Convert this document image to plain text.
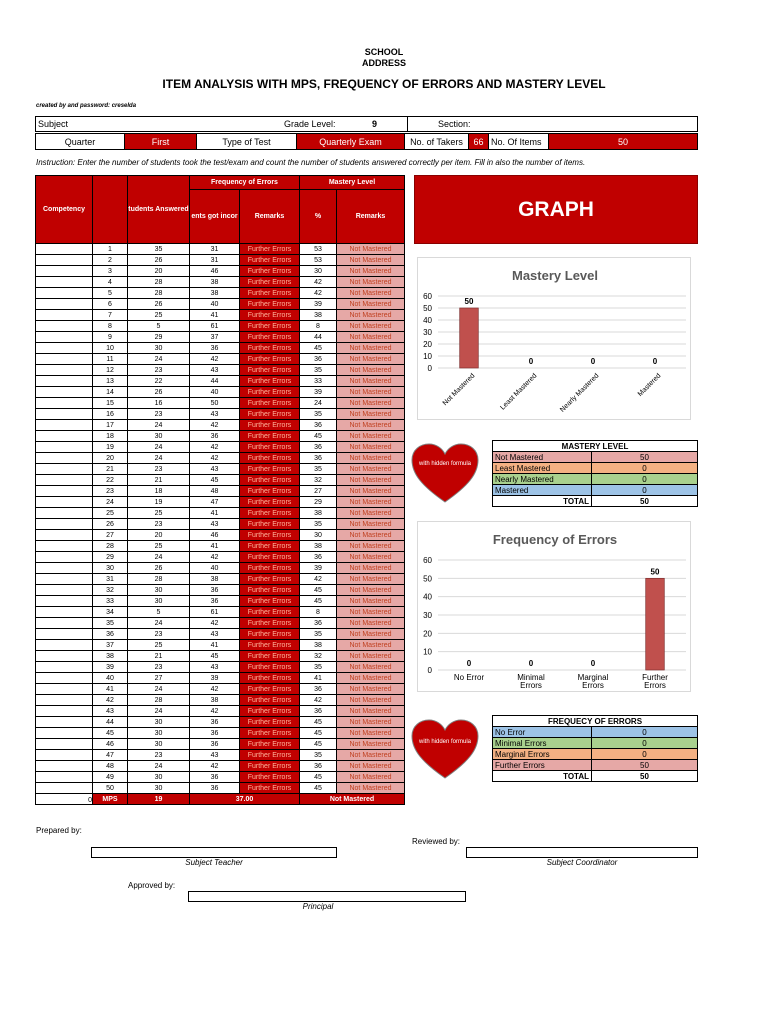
SCHOOL
ADDRESS
ITEM ANALYSIS WITH MPS, FREQUENCY OF ERRORS AND MASTERY LEVEL
created by and password: creselda
Subject	Grade Level:	9	Section:
Quarter	First	Type of Test	Quarterly Exam	No. of Takers	66 No. Of Items	50
Instruction: Enter the number of students took the test/exam and count the number of students answered correctly per item. Fill in also the number of items.
Competency		tudents Answered	Frequency of Errors		Mastery Level	
			ents got incor	Remarks	%	Remarks

	1	35	31	Further Errors	53	Not Mastered
	2	26	31	Further Errors	53	Not Mastered
	3	20	46	Further Errors	30	Not Mastered
	4	28	38	Further Errors	42	Not Mastered
	5	28	38	Further Errors	42	Not Mastered
	6	26	40	Further Errors	39	Not Mastered
	7	25	41	Further Errors	38	Not Mastered
	8	5	61	Further Errors	8	Not Mastered
	9	29	37	Further Errors	44	Not Mastered
	10	30	36	Further Errors	45	Not Mastered
	11	24	42	Further Errors	36	Not Mastered
	12	23	43	Further Errors	35	Not Mastered
	13	22	44	Further Errors	33	Not Mastered
	14	26	40	Further Errors	39	Not Mastered
	15	16	50	Further Errors	24	Not Mastered
	16	23	43	Further Errors	35	Not Mastered
	17	24	42	Further Errors	36	Not Mastered
	18	30	36	Further Errors	45	Not Mastered
	19	24	42	Further Errors	36	Not Mastered
	20	24	42	Further Errors	36	Not Mastered
	21	23	43	Further Errors	35	Not Mastered
	22	21	45	Further Errors	32	Not Mastered
	23	18	48	Further Errors	27	Not Mastered
	24	19	47	Further Errors	29	Not Mastered
	25	25	41	Further Errors	38	Not Mastered
	26	23	43	Further Errors	35	Not Mastered
	27	20	46	Further Errors	30	Not Mastered
	28	25	41	Further Errors	38	Not Mastered
	29	24	42	Further Errors	36	Not Mastered
	30	26	40	Further Errors	39	Not Mastered
	31	28	38	Further Errors	42	Not Mastered
	32	30	36	Further Errors	45	Not Mastered
	33	30	36	Further Errors	45	Not Mastered
	34	5	61	Further Errors	8	Not Mastered
	35	24	42	Further Errors	36	Not Mastered
	36	23	43	Further Errors	35	Not Mastered
	37	25	41	Further Errors	38	Not Mastered
	38	21	45	Further Errors	32	Not Mastered
	39	23	43	Further Errors	35	Not Mastered
	40	27	39	Further Errors	41	Not Mastered
	41	24	42	Further Errors	36	Not Mastered
	42	28	38	Further Errors	42	Not Mastered
	43	24	42	Further Errors	36	Not Mastered
	44	30	36	Further Errors	45	Not Mastered
	45	30	36	Further Errors	45	Not Mastered
	46	30	36	Further Errors	45	Not Mastered
	47	23	43	Further Errors	35	Not Mastered
	48	24	42	Further Errors	36	Not Mastered
	49	30	36	Further Errors	45	Not Mastered
	50	30	36	Further Errors	45	Not Mastered
0	MPS	19	37.00		Not Mastered	
GRAPH
Mastery Level
0
10
20
30
40
50
60
50
Not Mastered
0
Least Mastered
0
Nearly Mastered
0
Mastered
with hidden formula
MASTERY LEVEL	
Not Mastered	50
Least Mastered	0
Nearly Mastered	0
Mastered	0
TOTAL	50
Frequency of Errors
0
10
20
30
40
50
60
0
No Error
0
Minimal
Errors
0
Marginal
Errors
50
Further
Errors
with hidden formula
FREQUECY OF ERRORS	
No Error	0
Minimal Errors	0
Marginal Errors	0
Further Errors	50
TOTAL	50
Prepared by:
Reviewed by:
Subject Teacher	Subject Coordinator
Approved by:
Principal
